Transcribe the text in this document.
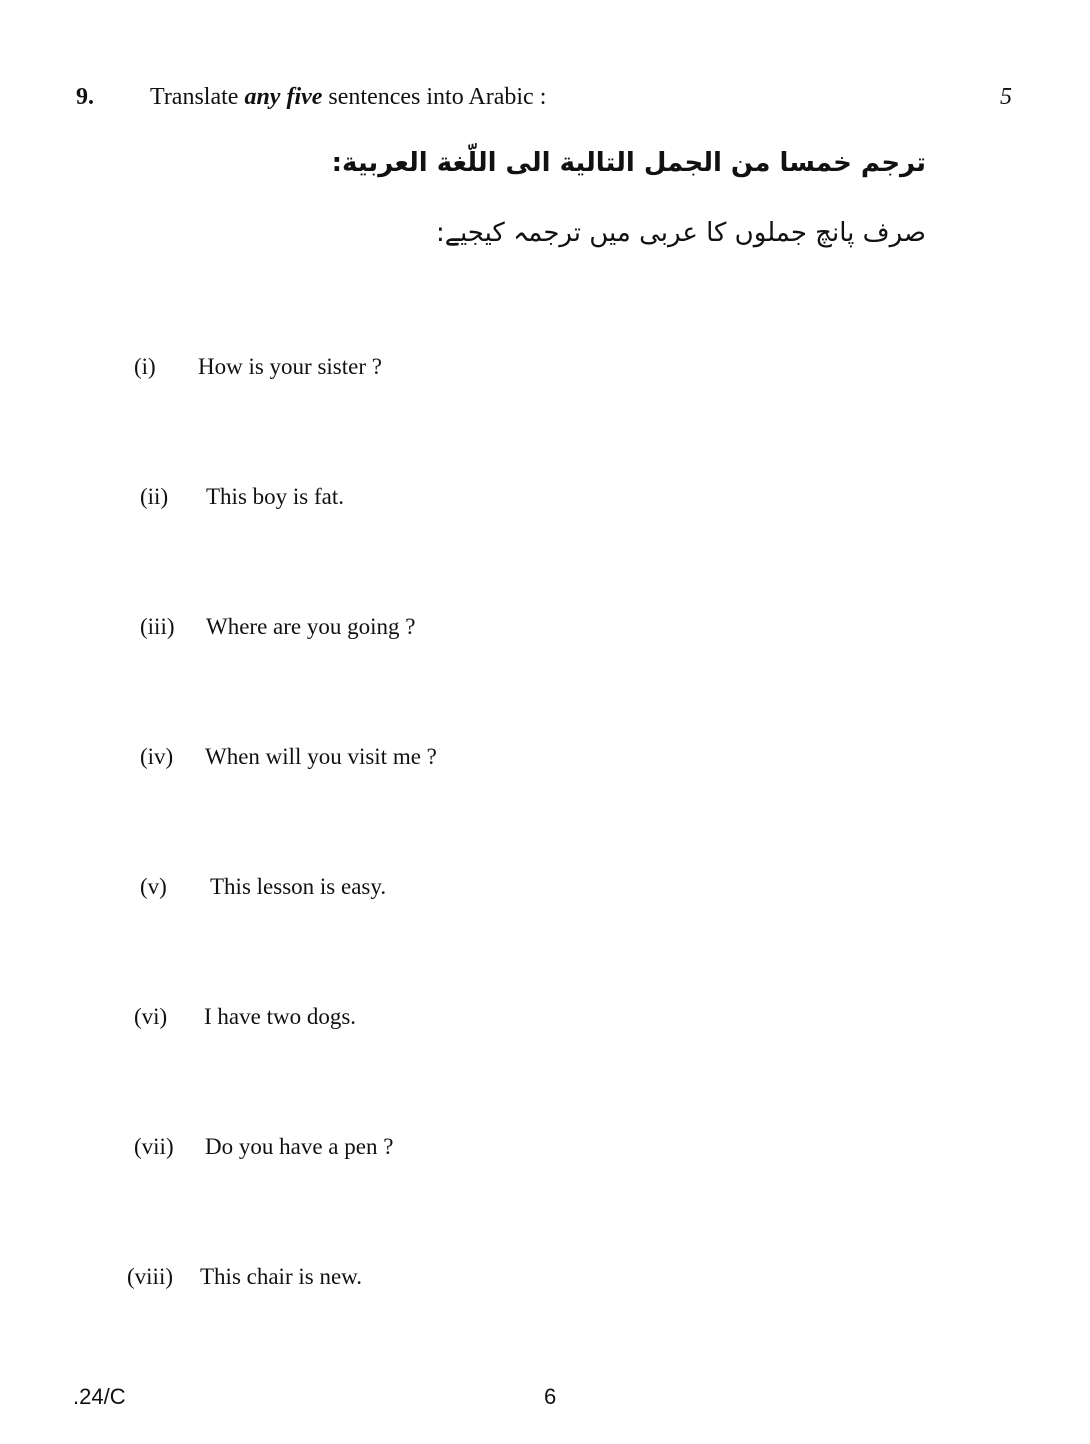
9. Translate any five sentences into Arabic :	5
ترجم خمسا من الجمل التالية الى اللّغة العربية:
صرف پانچ جملوں کا عربی میں ترجمہ کیجیے:
(i) How is your sister ?
(ii) This boy is fat.
(iii) Where are you going ?
(iv) When will you visit me ?
(v) This lesson is easy.
(vi) I have two dogs.
(vii) Do you have a pen ?
(viii) This chair is new.
.24/C	6
